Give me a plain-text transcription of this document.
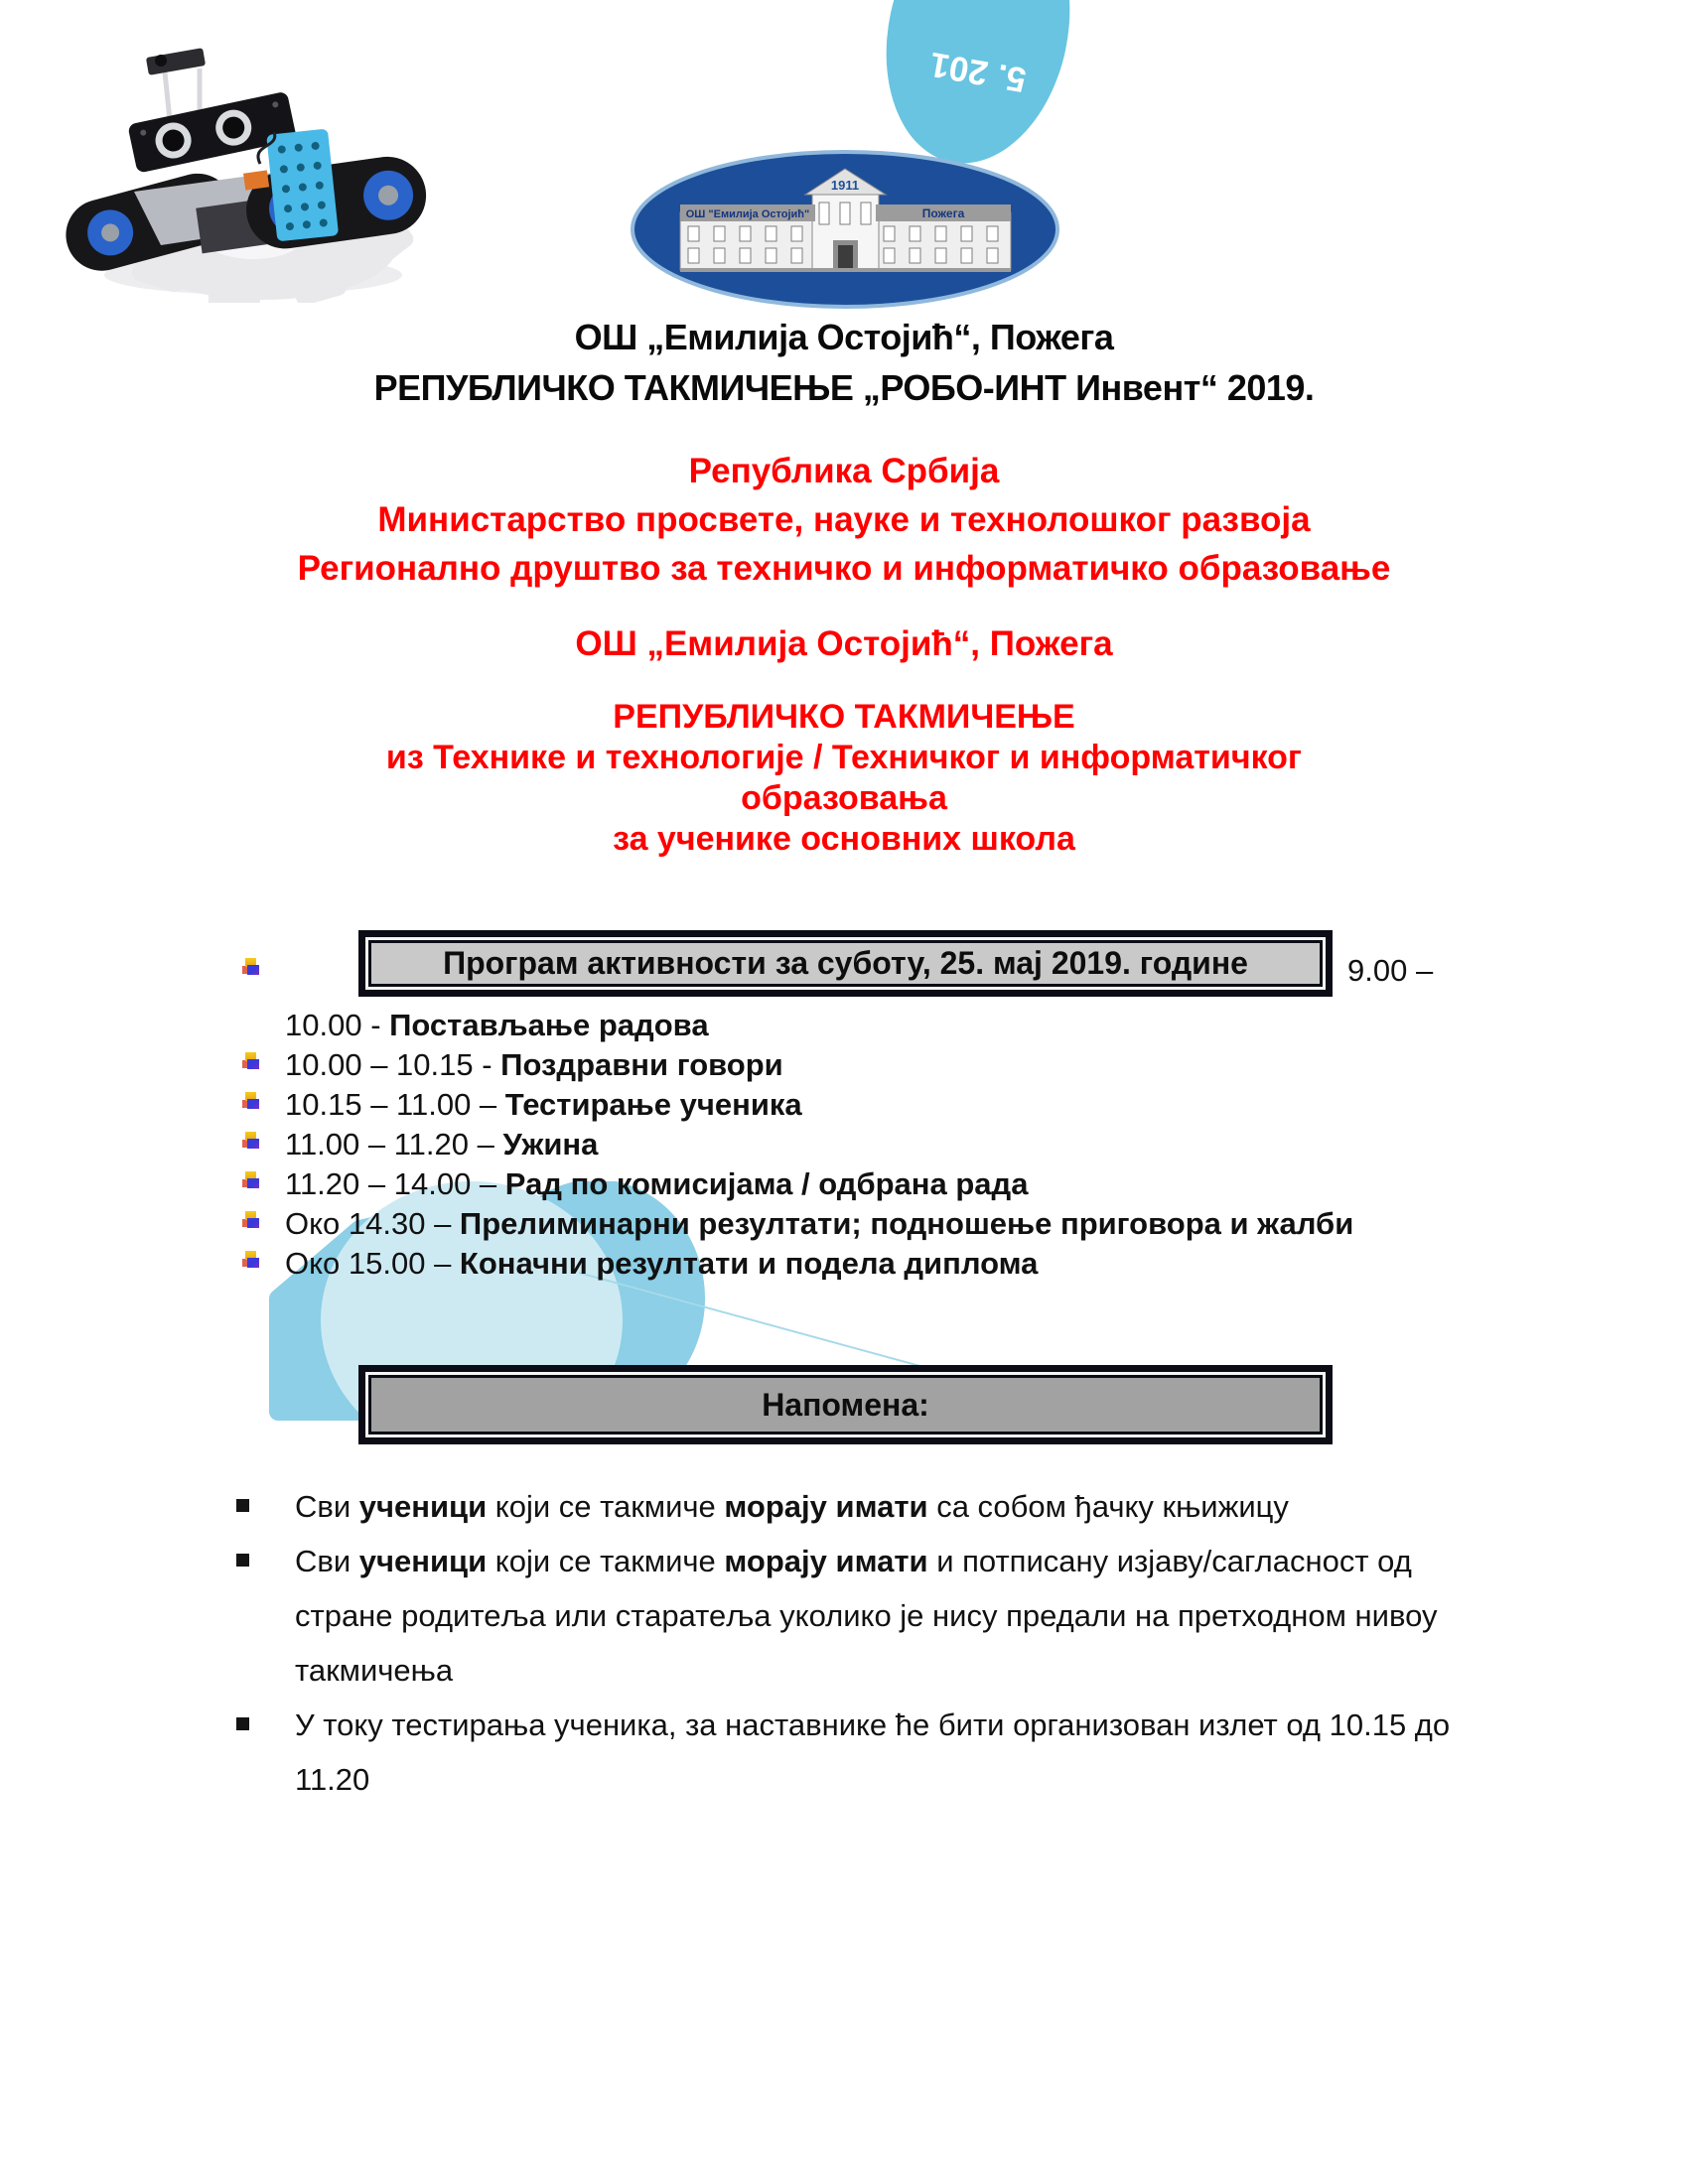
5. 201
1911
ОШ "Емилија Остојић"	Пожега
ОШ „Емилија Остојић“, Пожега
РЕПУБЛИЧКО ТАКМИЧЕЊЕ „РОБО-ИНТ Инвент“ 2019.
Република Србија
Министарство просвете, науке и технолошког развоја
Регионално друштво за техничко и информатичко образовање
ОШ „Емилија Остојић“, Пожега
РЕПУБЛИЧКО ТАКМИЧЕЊЕ
из Технике и технологије / Техничког и информатичког
образовања
за ученике основних школа
Програм активности за суботу, 25. мај 2019. године	9.00 –
10.00 - Постављање радова
10.00 – 10.15 - Поздравни говори
10.15 – 11.00 – Тестирање ученика
11.00 – 11.20 – Ужина
11.20 – 14.00 – Рад по комисијама / одбрана рада
Око 14.30 – Прелиминарни резултати; подношење приговора и жалби
Око 15.00 – Коначни резултати и подела диплома
Напомена:
Сви ученици који се такмиче морају имати са собом ђачку књижицу
Сви ученици који се такмиче морају имати и потписану изјаву/сагласност од стране родитеља или старатеља уколико је нису предали на претходном нивоу такмичења
У току тестирања ученика, за наставнике ће бити организован излет од 10.15 до 11.20
